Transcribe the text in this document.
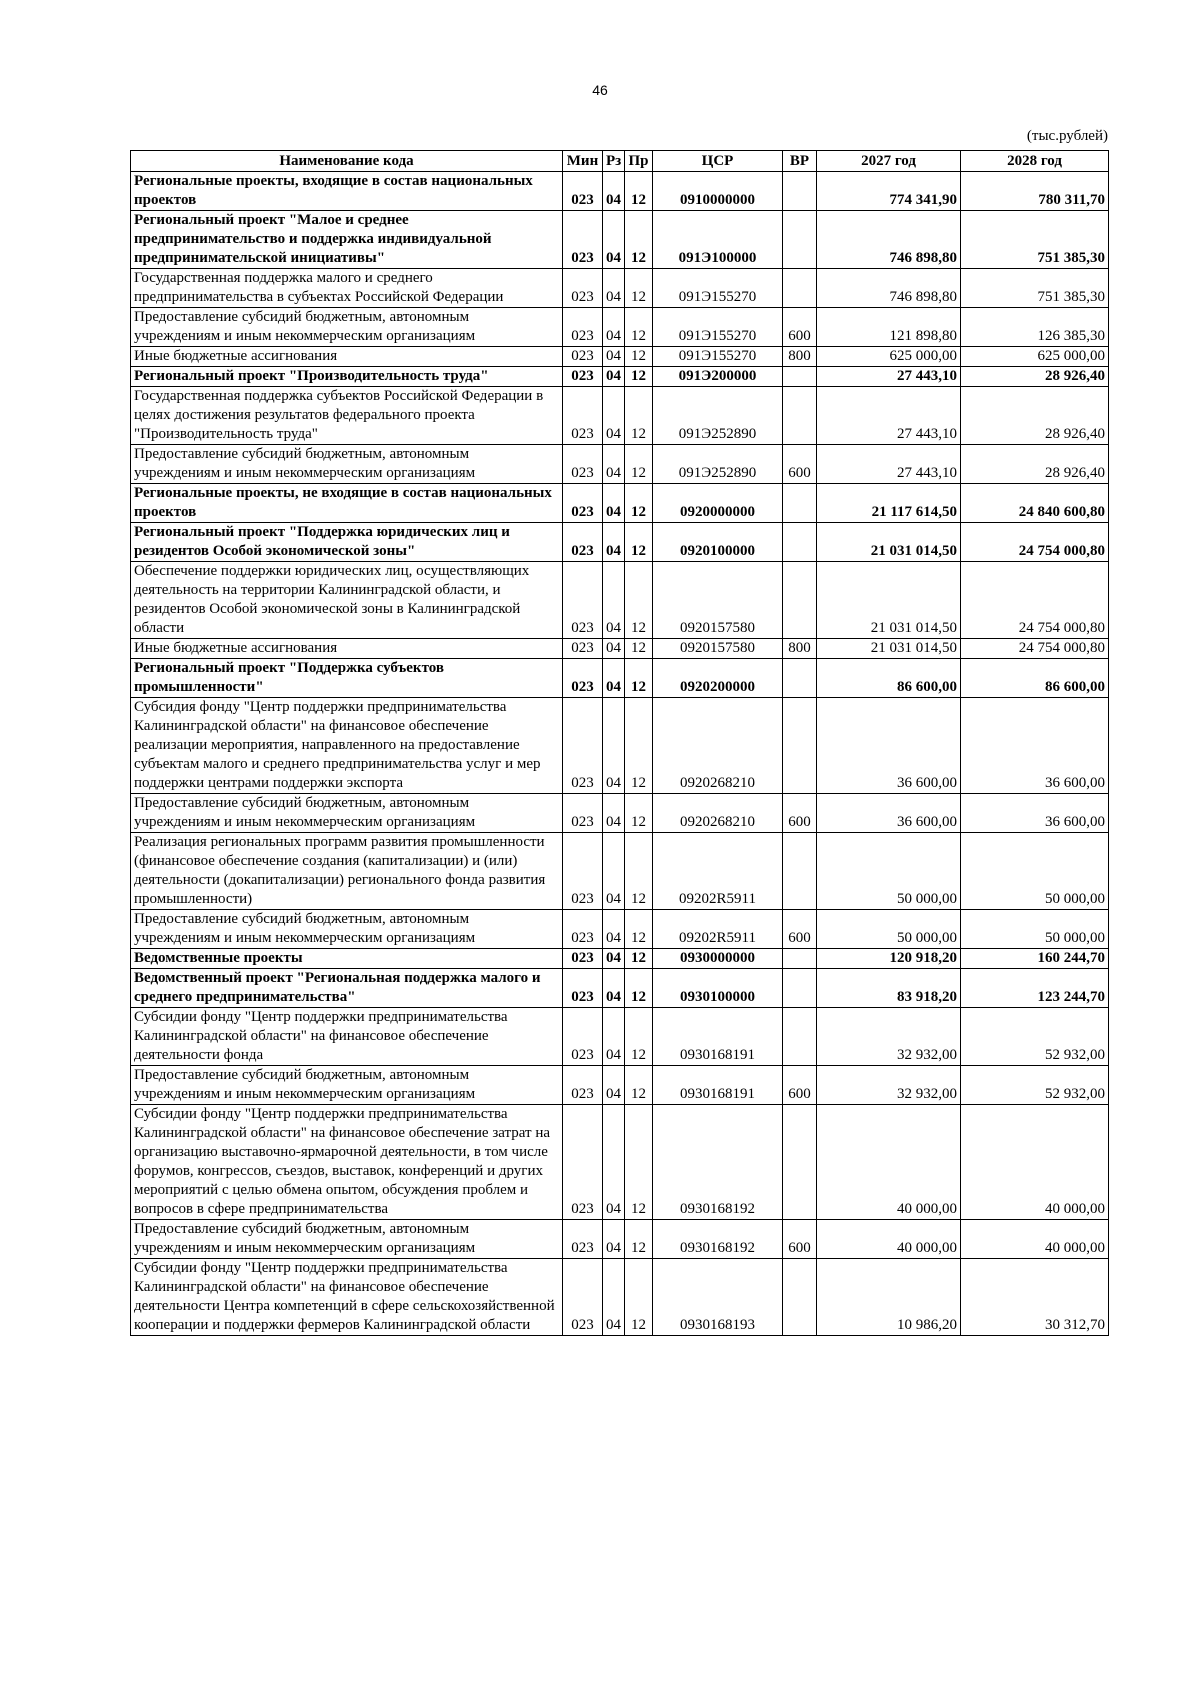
46
(тыс.рублей)
Наименование кода	Мин	Рз	Пр	ЦСР	ВР	2027 год	2028 год
Региональные проекты, входящие в состав национальных проектов	023	04	12	0910000000		774 341,90	780 311,70
Региональный проект "Малое и среднее предпринимательство и поддержка индивидуальной предпринимательской инициативы"	023	04	12	091Э100000		746 898,80	751 385,30
Государственная поддержка малого и среднего предпринимательства в субъектах Российской Федерации	023	04	12	091Э155270		746 898,80	751 385,30
Предоставление субсидий бюджетным, автономным учреждениям и иным некоммерческим организациям	023	04	12	091Э155270	600	121 898,80	126 385,30
Иные бюджетные ассигнования	023	04	12	091Э155270	800	625 000,00	625 000,00
Региональный проект "Производительность труда"	023	04	12	091Э200000		27 443,10	28 926,40
Государственная поддержка субъектов Российской Федерации в целях достижения результатов федерального проекта "Производительность труда"	023	04	12	091Э252890		27 443,10	28 926,40
Предоставление субсидий бюджетным, автономным учреждениям и иным некоммерческим организациям	023	04	12	091Э252890	600	27 443,10	28 926,40
Региональные проекты, не входящие в состав национальных проектов	023	04	12	0920000000		21 117 614,50	24 840 600,80
Региональный проект "Поддержка юридических лиц и резидентов Особой экономической зоны"	023	04	12	0920100000		21 031 014,50	24 754 000,80
Обеспечение поддержки юридических лиц, осуществляющих деятельность на территории Калининградской области, и резидентов Особой экономической зоны в Калининградской области	023	04	12	0920157580		21 031 014,50	24 754 000,80
Иные бюджетные ассигнования	023	04	12	0920157580	800	21 031 014,50	24 754 000,80
Региональный проект "Поддержка субъектов промышленности"	023	04	12	0920200000		86 600,00	86 600,00
Субсидия фонду "Центр поддержки предпринимательства Калининградской области" на финансовое обеспечение реализации мероприятия, направленного на предоставление субъектам малого и среднего предпринимательства услуг и мер поддержки центрами поддержки экспорта	023	04	12	0920268210		36 600,00	36 600,00
Предоставление субсидий бюджетным, автономным учреждениям и иным некоммерческим организациям	023	04	12	0920268210	600	36 600,00	36 600,00
Реализация региональных программ развития промышленности (финансовое обеспечение создания (капитализации) и (или) деятельности (докапитализации) регионального фонда развития промышленности)	023	04	12	09202R5911		50 000,00	50 000,00
Предоставление субсидий бюджетным, автономным учреждениям и иным некоммерческим организациям	023	04	12	09202R5911	600	50 000,00	50 000,00
Ведомственные проекты	023	04	12	0930000000		120 918,20	160 244,70
Ведомственный проект "Региональная поддержка малого и среднего предпринимательства"	023	04	12	0930100000		83 918,20	123 244,70
Субсидии фонду "Центр поддержки предпринимательства Калининградской области" на финансовое обеспечение деятельности фонда	023	04	12	0930168191		32 932,00	52 932,00
Предоставление субсидий бюджетным, автономным учреждениям и иным некоммерческим организациям	023	04	12	0930168191	600	32 932,00	52 932,00
Субсидии фонду "Центр поддержки предпринимательства Калининградской области" на финансовое обеспечение затрат на организацию выставочно-ярмарочной деятельности, в том числе форумов, конгрессов, съездов, выставок, конференций и других мероприятий с целью обмена опытом, обсуждения проблем и вопросов в сфере предпринимательства	023	04	12	0930168192		40 000,00	40 000,00
Предоставление субсидий бюджетным, автономным учреждениям и иным некоммерческим организациям	023	04	12	0930168192	600	40 000,00	40 000,00
Субсидии фонду "Центр поддержки предпринимательства Калининградской области" на финансовое обеспечение деятельности Центра компетенций в сфере сельскохозяйственной кооперации и поддержки фермеров Калининградской области	023	04	12	0930168193		10 986,20	30 312,70
